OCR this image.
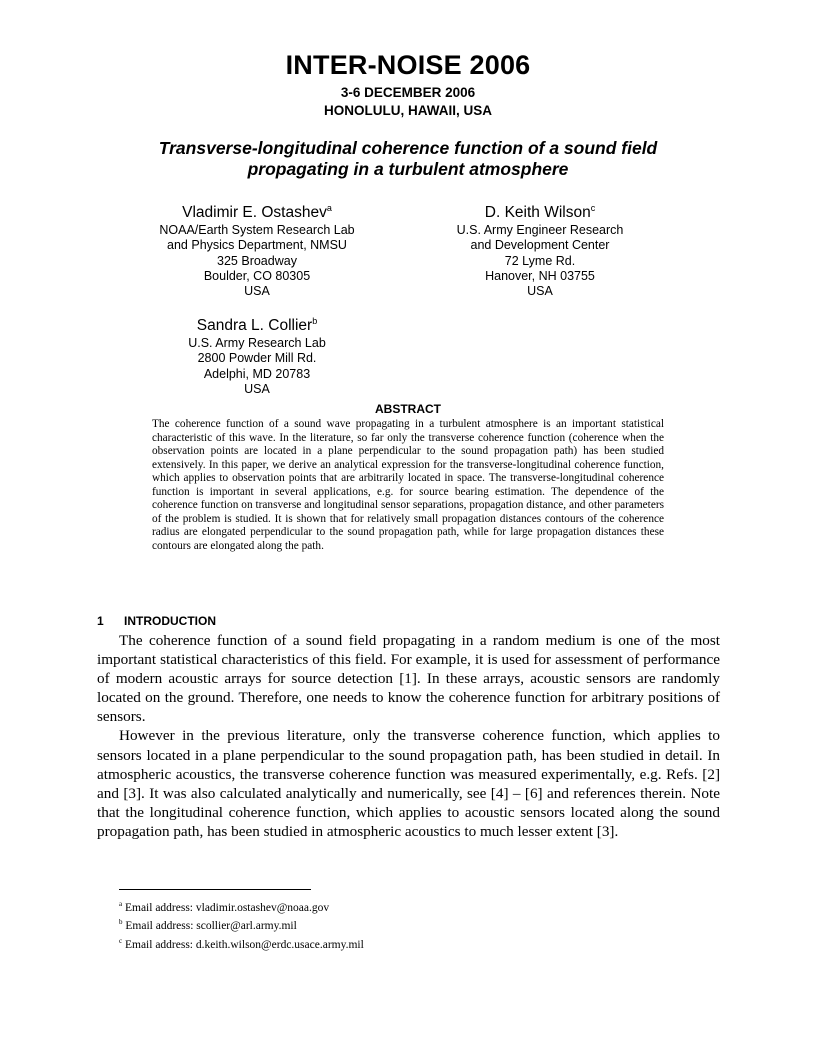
INTER-NOISE 2006
3-6 DECEMBER 2006
HONOLULU, HAWAII, USA
Transverse-longitudinal coherence function of a sound field propagating in a turbulent atmosphere
Vladimir E. Ostashev$^a$
NOAA/Earth System Research Lab
and Physics Department, NMSU
325 Broadway
Boulder, CO 80305
USA
D. Keith Wilson$^c$
U.S. Army Engineer Research
and Development Center
72 Lyme Rd.
Hanover, NH 03755
USA
Sandra L. Collier$^b$
U.S. Army Research Lab
2800 Powder Mill Rd.
Adelphi, MD 20783
USA
ABSTRACT
The coherence function of a sound wave propagating in a turbulent atmosphere is an important statistical characteristic of this wave. In the literature, so far only the transverse coherence function (coherence when the observation points are located in a plane perpendicular to the sound propagation path) has been studied extensively. In this paper, we derive an analytical expression for the transverse-longitudinal coherence function, which applies to observation points that are arbitrarily located in space. The transverse-longitudinal coherence function is important in several applications, e.g. for source bearing estimation. The dependence of the coherence function on transverse and longitudinal sensor separations, propagation distance, and other parameters of the problem is studied. It is shown that for relatively small propagation distances contours of the coherence radius are elongated perpendicular to the sound propagation path, while for large propagation distances these contours are elongated along the path.
1 INTRODUCTION

The coherence function of a sound field propagating in a random medium is one of the most important statistical characteristics of this field. For example, it is used for assessment of performance of modern acoustic arrays for source detection [1]. In these arrays, acoustic sensors are randomly located on the ground. Therefore, one needs to know the coherence function for arbitrary positions of sensors.

However in the previous literature, only the transverse coherence function, which applies to sensors located in a plane perpendicular to the sound propagation path, has been studied in detail. In atmospheric acoustics, the transverse coherence function was measured experimentally, e.g. Refs. [2] and [3]. It was also calculated analytically and numerically, see [4] – [6] and references therein. Note that the longitudinal coherence function, which applies to acoustic sensors located along the sound propagation path, has been studied in atmospheric acoustics to much lesser extent [3].

$^a$ Email address: vladimir.ostashev@noaa.gov
$^b$ Email address: scollier@arl.army.mil
$^c$ Email address: d.keith.wilson@erdc.usace.army.mil
